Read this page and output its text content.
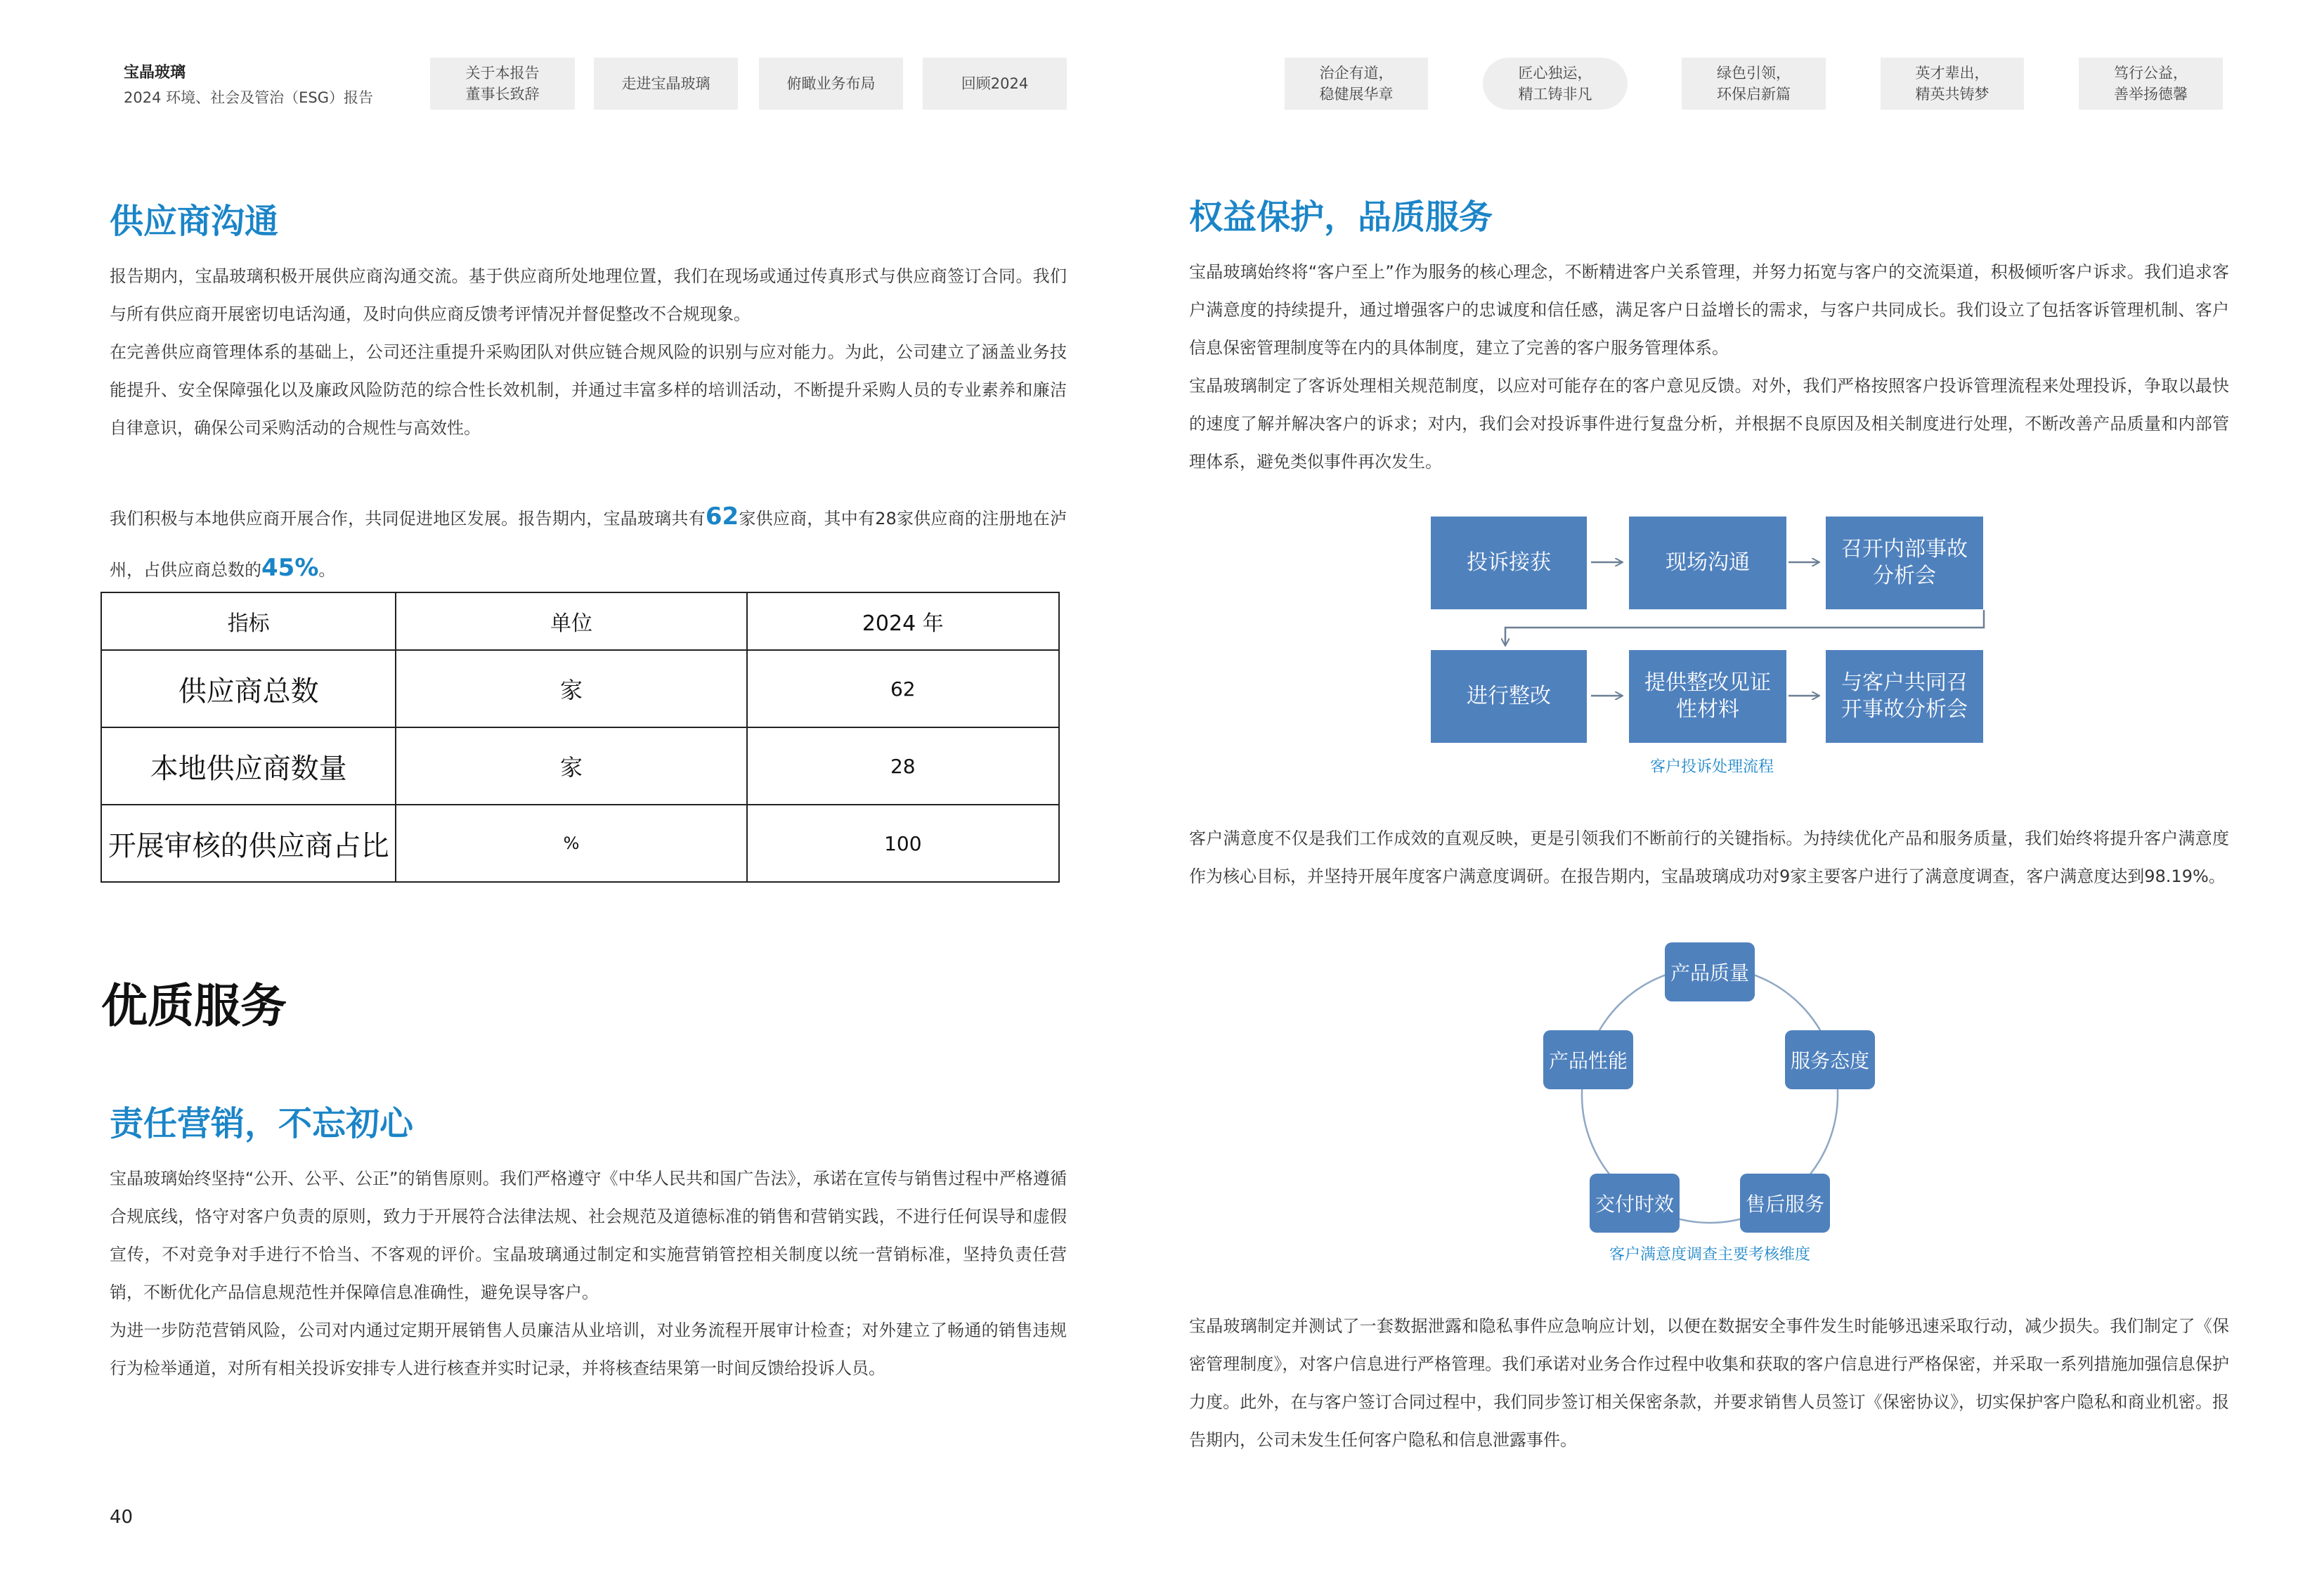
宝晶玻璃
2024 环境、社会及管治（ESG）报告
关于本报告
董事长致辞
走进宝晶玻璃	俯瞰业务布局	回顾2024
治企有道，
稳健展华章
匠心独运，
精工铸非凡
绿色引领，
环保启新篇
英才辈出，
精英共铸梦
笃行公益，
善举扬德馨
供应商沟通

报告期内，宝晶玻璃积极开展供应商沟通交流。基于供应商所处地理位置，我们在现场或通过传真形式与供应商签订合同。我们与所有供应商开展密切电话沟通，及时向供应商反馈考评情况并督促整改不合规现象。

在完善供应商管理体系的基础上，公司还注重提升采购团队对供应链合规风险的识别与应对能力。为此，公司建立了涵盖业务技能提升、安全保障强化以及廉政风险防范的综合性长效机制，并通过丰富多样的培训活动，不断提升采购人员的专业素养和廉洁自律意识，确保公司采购活动的合规性与高效性。

我们积极与本地供应商开展合作，共同促进地区发展。报告期内，宝晶玻璃共有62家供应商，其中有28家供应商的注册地在泸州，占供应商总数的45%。
指标	单位	2024 年
供应商总数	家	62
本地供应商数量	家	28
开展审核的供应商占比	%	100
优质服务
责任营销，不忘初心

宝晶玻璃始终坚持“公开、公平、公正”的销售原则。我们严格遵守《中华人民共和国广告法》，承诺在宣传与销售过程中严格遵循合规底线，恪守对客户负责的原则，致力于开展符合法律法规、社会规范及道德标准的销售和营销实践，不进行任何误导和虚假宣传，不对竞争对手进行不恰当、不客观的评价。宝晶玻璃通过制定和实施营销管控相关制度以统一营销标准，坚持负责任营销，不断优化产品信息规范性并保障信息准确性，避免误导客户。

为进一步防范营销风险，公司对内通过定期开展销售人员廉洁从业培训，对业务流程开展审计检查；对外建立了畅通的销售违规行为检举通道，对所有相关投诉安排专人进行核查并实时记录，并将核查结果第一时间反馈给投诉人员。

40
权益保护，品质服务

宝晶玻璃始终将“客户至上”作为服务的核心理念，不断精进客户关系管理，并努力拓宽与客户的交流渠道，积极倾听客户诉求。我们追求客户满意度的持续提升，通过增强客户的忠诚度和信任感，满足客户日益增长的需求，与客户共同成长。我们设立了包括客诉管理机制、客户信息保密管理制度等在内的具体制度，建立了完善的客户服务管理体系。

宝晶玻璃制定了客诉处理相关规范制度，以应对可能存在的客户意见反馈。对外，我们严格按照客户投诉管理流程来处理投诉，争取以最快的速度了解并解决客户的诉求；对内，我们会对投诉事件进行复盘分析，并根据不良原因及相关制度进行处理，不断改善产品质量和内部管理体系，避免类似事件再次发生。

投诉接获	现场沟通
召开内部事故分析会
进行整改
提供整改见证性材料
与客户共同召开事故分析会
客户投诉处理流程

客户满意度不仅是我们工作成效的直观反映，更是引领我们不断前行的关键指标。为持续优化产品和服务质量，我们始终将提升客户满意度作为核心目标，并坚持开展年度客户满意度调研。在报告期内，宝晶玻璃成功对9家主要客户进行了满意度调查，客户满意度达到98.19%。

产品质量
服务态度
售后服务
交付时效
产品性能
客户满意度调查主要考核维度

宝晶玻璃制定并测试了一套数据泄露和隐私事件应急响应计划，以便在数据安全事件发生时能够迅速采取行动，减少损失。我们制定了《保密管理制度》，对客户信息进行严格管理。我们承诺对业务合作过程中收集和获取的客户信息进行严格保密，并采取一系列措施加强信息保护力度。此外，在与客户签订合同过程中，我们同步签订相关保密条款，并要求销售人员签订《保密协议》，切实保护客户隐私和商业机密。报告期内，公司未发生任何客户隐私和信息泄露事件。
